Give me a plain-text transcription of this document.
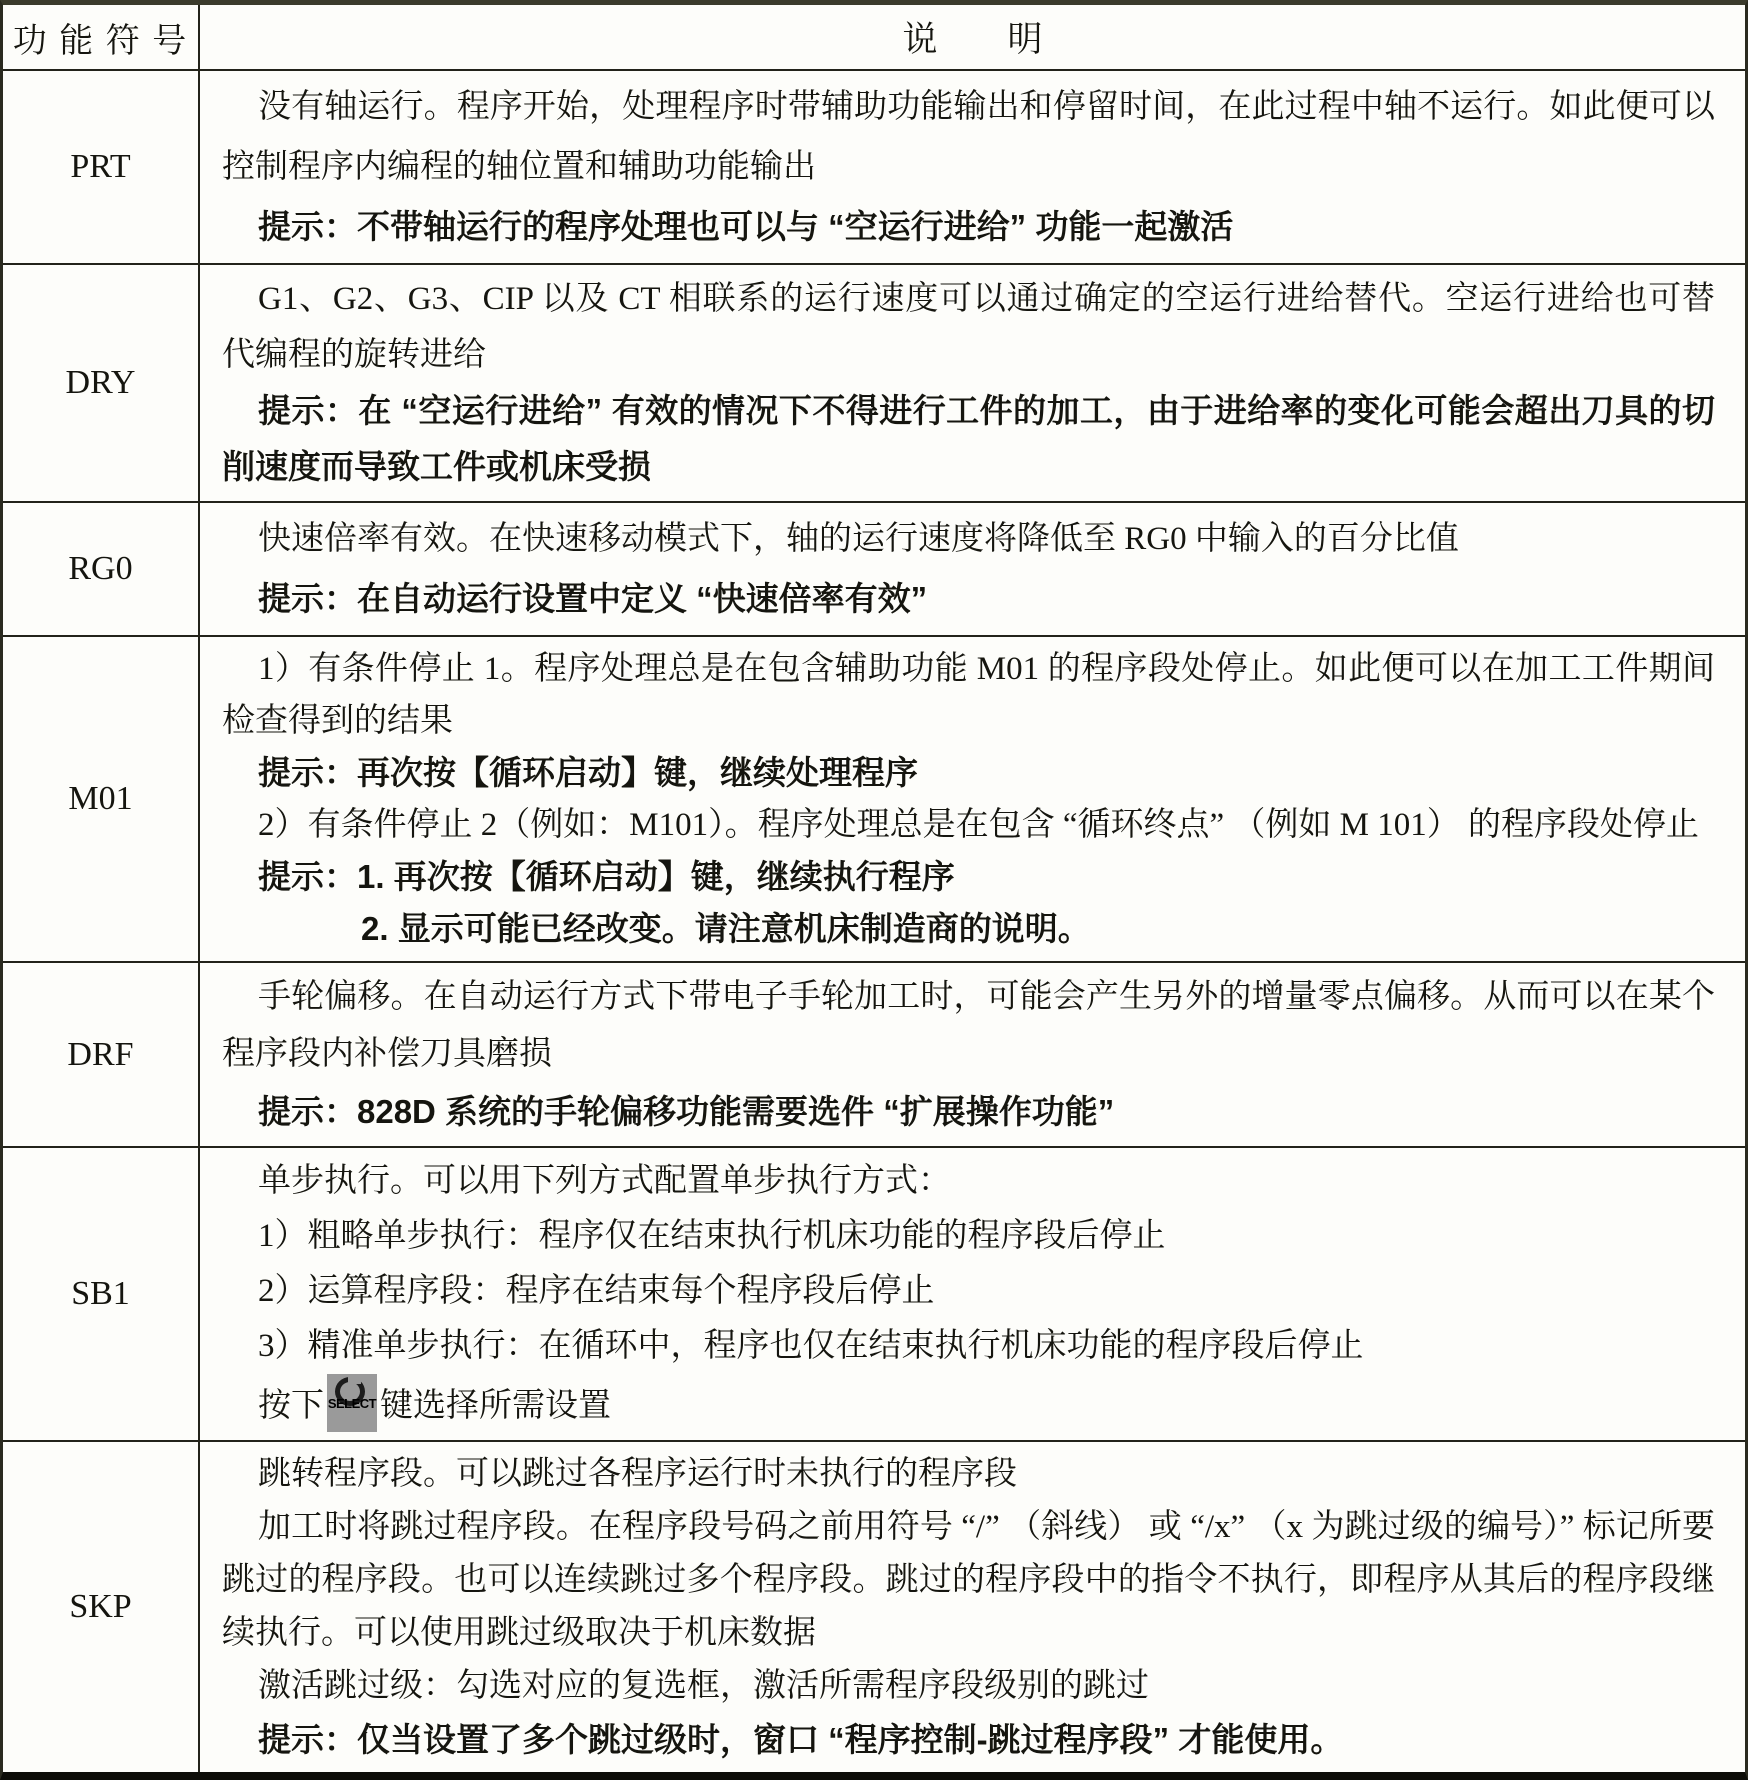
功 能 符 号	说　　明
PRT

没有轴运行。程序开始，处理程序时带辅助功能输出和停留时间，在此过程中轴不运行。如此便可以控制程序内编程的轴位置和辅助功能输出

提示：不带轴运行的程序处理也可以与 “空运行进给” 功能一起激活

DRY

G1、G2、G3、CIP 以及 CT 相联系的运行速度可以通过确定的空运行进给替代。空运行进给也可替代编程的旋转进给

提示：在 “空运行进给” 有效的情况下不得进行工件的加工，由于进给率的变化可能会超出刀具的切削速度而导致工件或机床受损

RG0

快速倍率有效。在快速移动模式下，轴的运行速度将降低至 RG0 中输入的百分比值

提示：在自动运行设置中定义 “快速倍率有效”

M01

1）有条件停止 1。程序处理总是在包含辅助功能 M01 的程序段处停止。如此便可以在加工工件期间检查得到的结果

提示：再次按【循环启动】键，继续处理程序

2）有条件停止 2（例如：M101）。程序处理总是在包含 “循环终点” （例如 M 101） 的程序段处停止

提示：1. 再次按【循环启动】键，继续执行程序

2. 显示可能已经改变。请注意机床制造商的说明。

DRF

手轮偏移。在自动运行方式下带电子手轮加工时，可能会产生另外的增量零点偏移。从而可以在某个程序段内补偿刀具磨损

提示：828D 系统的手轮偏移功能需要选件 “扩展操作功能”

SB1

单步执行。可以用下列方式配置单步执行方式：

1）粗略单步执行：程序仅在结束执行机床功能的程序段后停止

2）运算程序段：程序在结束每个程序段后停止

3）精准单步执行：在循环中，程序也仅在结束执行机床功能的程序段后停止

按下 SELECT 键选择所需设置

SKP

跳转程序段。可以跳过各程序运行时未执行的程序段

加工时将跳过程序段。在程序段号码之前用符号 “/” （斜线） 或 “/x” （x 为跳过级的编号）” 标记所要跳过的程序段。也可以连续跳过多个程序段。跳过的程序段中的指令不执行，即程序从其后的程序段继续执行。可以使用跳过级取决于机床数据

激活跳过级：勾选对应的复选框，激活所需程序段级别的跳过

提示：仅当设置了多个跳过级时，窗口 “程序控制-跳过程序段” 才能使用。
